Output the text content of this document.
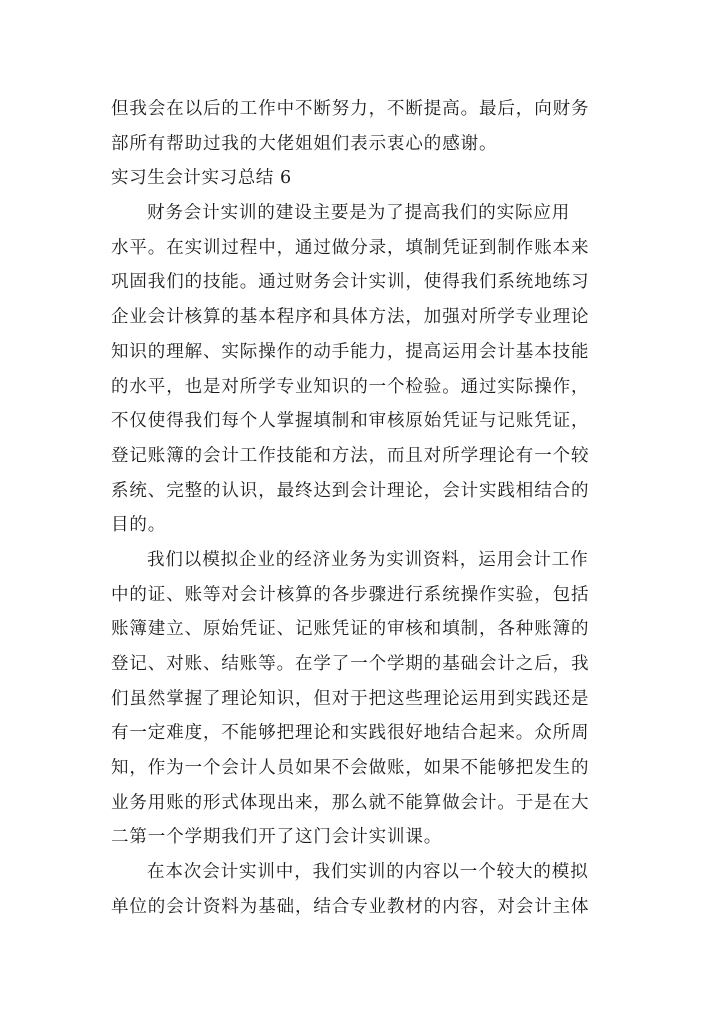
但我会在以后的工作中不断努力，不断提高。最后，向财务
部所有帮助过我的大佬姐姐们表示衷心的感谢。
实习生会计实习总结 6
财务会计实训的建设主要是为了提高我们的实际应用
水平。在实训过程中，通过做分录，填制凭证到制作账本来
巩固我们的技能。通过财务会计实训，使得我们系统地练习
企业会计核算的基本程序和具体方法，加强对所学专业理论
知识的理解、实际操作的动手能力，提高运用会计基本技能
的水平，也是对所学专业知识的一个检验。通过实际操作，
不仅使得我们每个人掌握填制和审核原始凭证与记账凭证，
登记账簿的会计工作技能和方法，而且对所学理论有一个较
系统、完整的认识，最终达到会计理论，会计实践相结合的
目的。
我们以模拟企业的经济业务为实训资料，运用会计工作
中的证、账等对会计核算的各步骤进行系统操作实验，包括
账簿建立、原始凭证、记账凭证的审核和填制，各种账簿的
登记、对账、结账等。在学了一个学期的基础会计之后，我
们虽然掌握了理论知识，但对于把这些理论运用到实践还是
有一定难度，不能够把理论和实践很好地结合起来。众所周
知，作为一个会计人员如果不会做账，如果不能够把发生的
业务用账的形式体现出来，那么就不能算做会计。于是在大
二第一个学期我们开了这门会计实训课。
在本次会计实训中，我们实训的内容以一个较大的模拟
单位的会计资料为基础，结合专业教材的内容，对会计主体
